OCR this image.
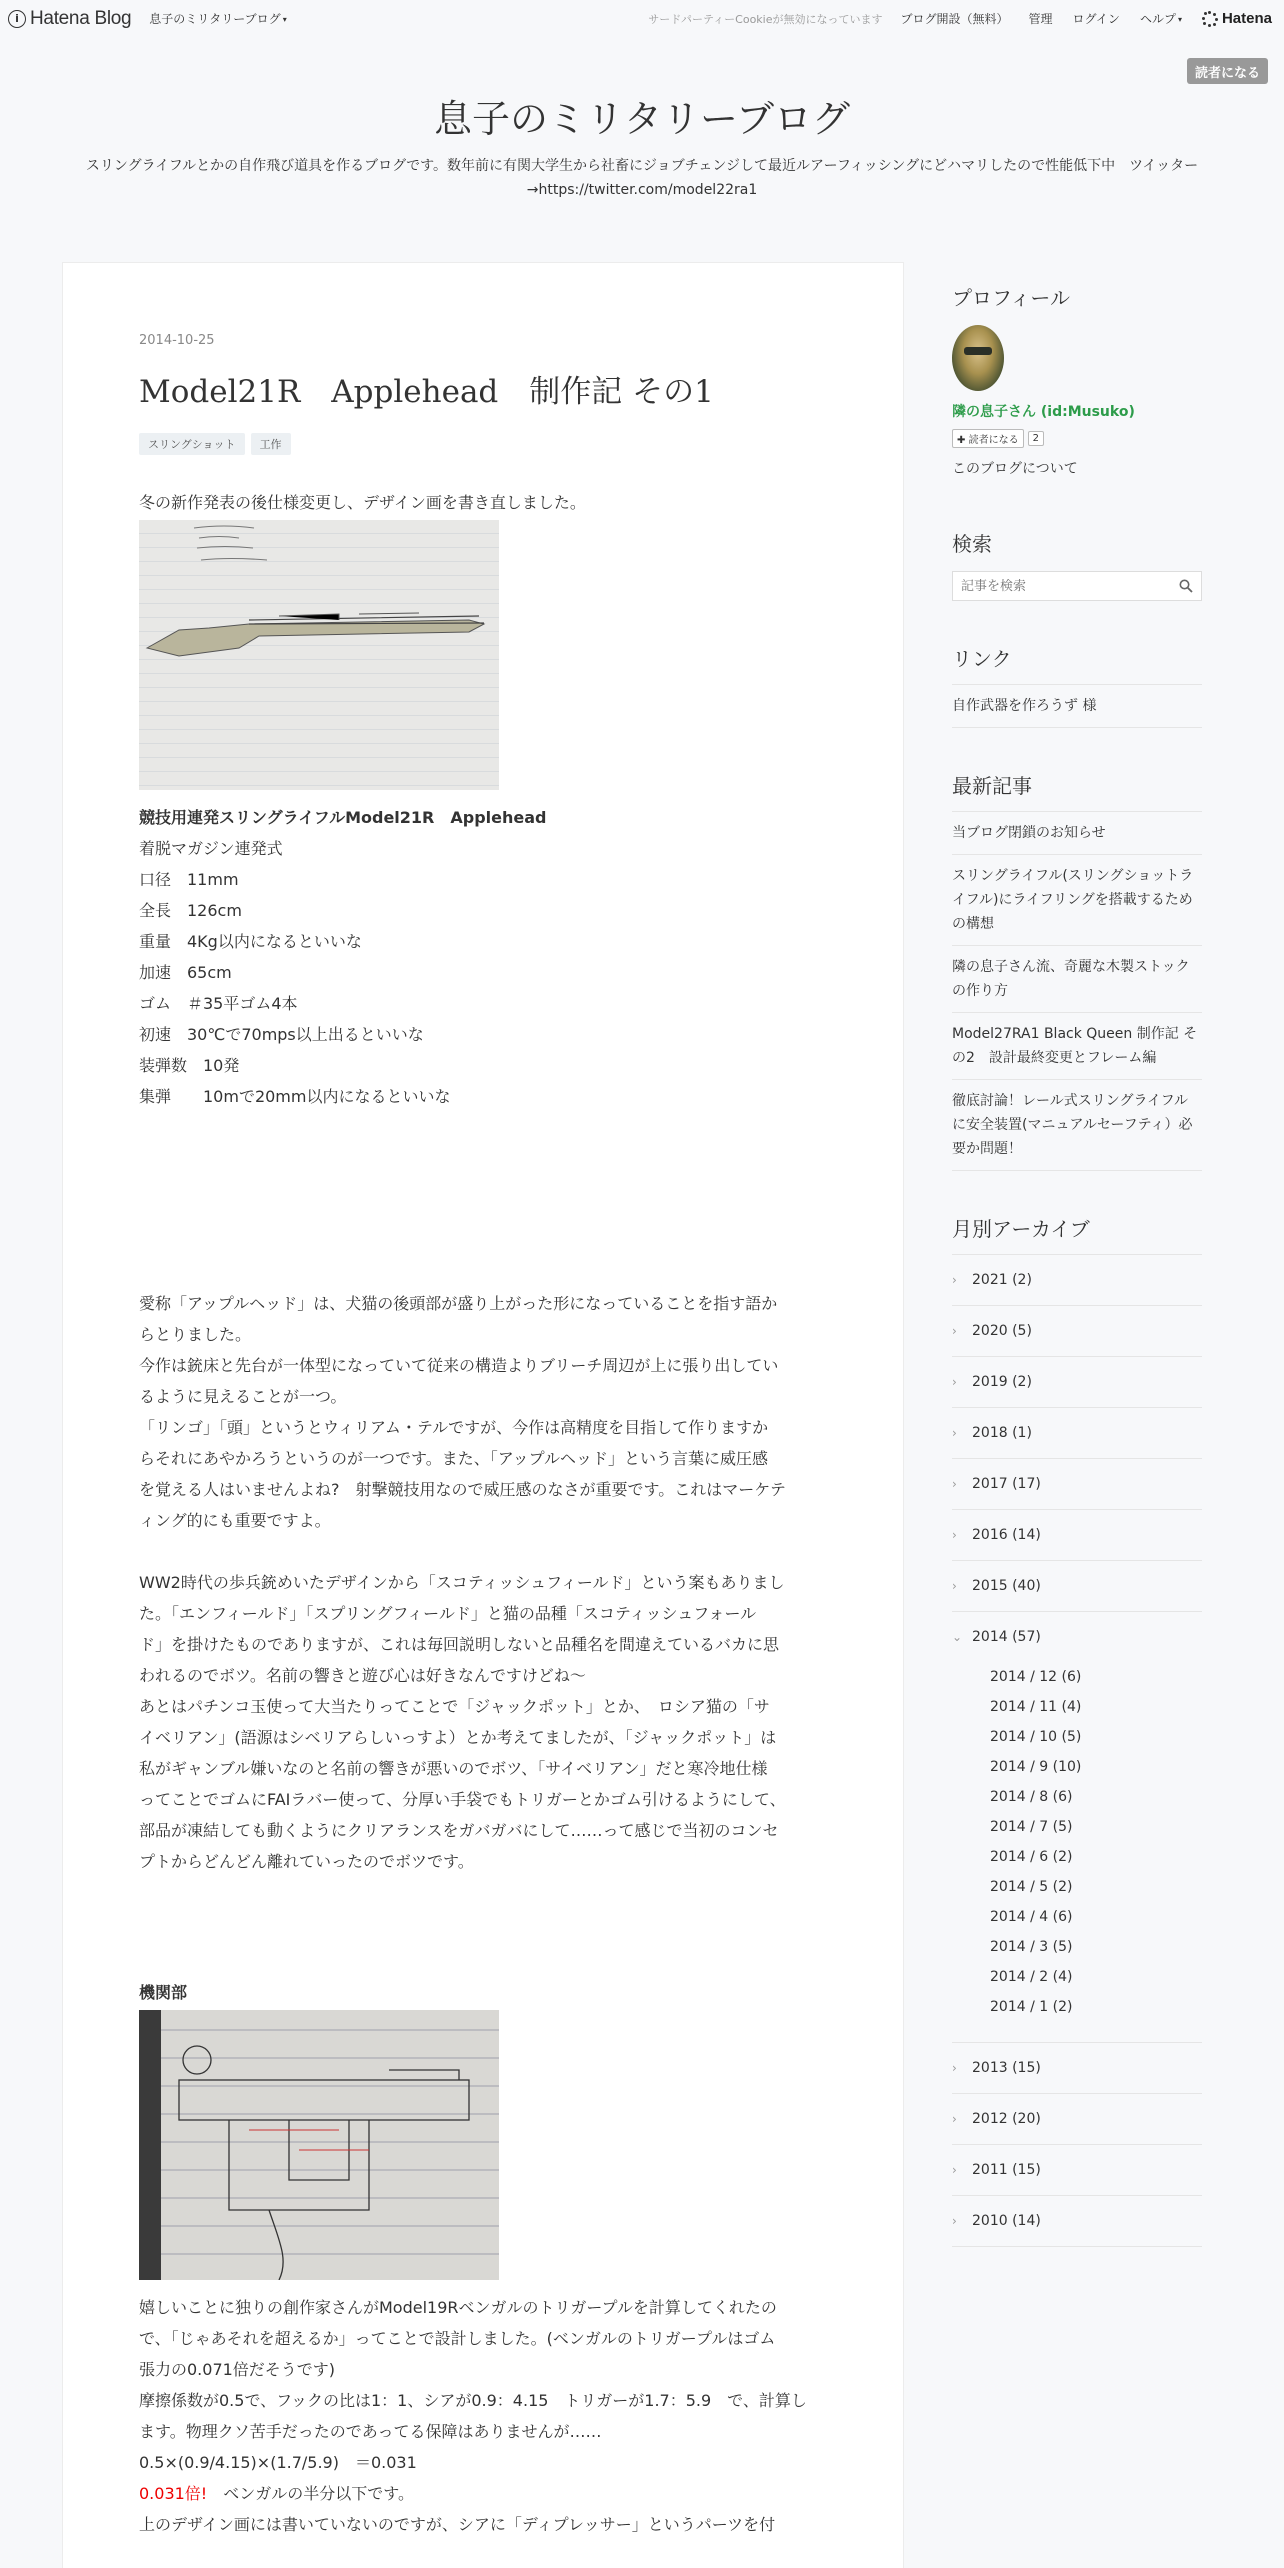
i Hatena Blog 息子のミリタリーブログ ▾	サードパーティーCookieが無効になっています ブログ開設（無料） 管理 ログイン ヘルプ ▾	Hatena
読者になる
息子のミリタリーブログ

スリングライフルとかの自作飛び道具を作るブログです。数年前に有関大学生から社畜にジョブチェンジして最近ルアーフィッシングにどハマリしたので性能低下中　ツイッター→https://twitter.com/model22ra1

2014-10-25
Model21R　Applehead　制作記 その1
スリングショット	工作

冬の新作発表の後仕様変更し、デザイン画を書き直しました。

競技用連発スリングライフルModel21R　Applehead

着脱マガジン連発式

口径　11mm

全長　126cm

重量　4Kg以内になるといいな

加速　65cm

ゴム　＃35平ゴム4本

初速　30℃で70mps以上出るといいな

装弾数　10発

集弾　　10mで20mm以内になるといいな

愛称「アップルヘッド」は、犬猫の後頭部が盛り上がった形になっていることを指す語か

らとりました。

今作は銃床と先台が一体型になっていて従来の構造よりブリーチ周辺が上に張り出してい

るように見えることが一つ。

「リンゴ」「頭」というとウィリアム・テルですが、今作は高精度を目指して作りますか

らそれにあやかろうというのが一つです。また、「アップルヘッド」という言葉に威圧感

を覚える人はいませんよね?　射撃競技用なので威圧感のなさが重要です。これはマーケテ

ィング的にも重要ですよ。

WW2時代の歩兵銃めいたデザインから「スコティッシュフィールド」という案もありまし

た。「エンフィールド」「スプリングフィールド」と猫の品種「スコティッシュフォール

ド」を掛けたものでありますが、これは毎回説明しないと品種名を間違えているバカに思

われるのでボツ。名前の響きと遊び心は好きなんですけどね〜

あとはパチンコ玉使って大当たりってことで「ジャックポット」とか、　ロシア猫の「サ

イベリアン」(語源はシベリアらしいっすよ）とか考えてましたが、「ジャックポット」は

私がギャンブル嫌いなのと名前の響きが悪いのでボツ、「サイベリアン」だと寒冷地仕様

ってことでゴムにFAIラバー使って、分厚い手袋でもトリガーとかゴム引けるようにして、

部品が凍結しても動くようにクリアランスをガバガバにして……って感じで当初のコンセ

プトからどんどん離れていったのでボツです。

機関部

嬉しいことに独りの創作家さんがModel19Rベンガルのトリガープルを計算してくれたの

で、「じゃあそれを超えるか」ってことで設計しました。(ベンガルのトリガープルはゴム

張力の0.071倍だそうです)

摩擦係数が0.5で、フックの比は1：1、シアが0.9：4.15　トリガーが1.7：5.9　で、計算し

ます。物理クソ苦手だったのであってる保障はありませんが……

0.5×(0.9/4.15)×(1.7/5.9)　＝0.031

0.031倍!　ベンガルの半分以下です。

上のデザイン画には書いていないのですが、シアに「ディプレッサー」というパーツを付

プロフィール
隣の息子さん (id:Musuko)
✚ 読者になる	2
このブログについて
検索
記事を検索
リンク
自作武器を作ろうず 様
最新記事
当ブログ閉鎖のお知らせ
スリングライフル(スリングショットライフル)にライフリングを搭載するための構想
隣の息子さん流、奇麗な木製ストックの作り方
Model27RA1 Black Queen 制作記 その2　設計最終変更とフレーム編
徹底討論！レール式スリングライフルに安全装置(マニュアルセーフティ）必要か問題！
月別アーカイブ
›	2021 (2)
›	2020 (5)
›	2019 (2)
›	2018 (1)
›	2017 (17)
›	2016 (14)
›	2015 (40)
⌄ 2014 (57)
2014 / 12 (6)
2014 / 11 (4)
2014 / 10 (5)
2014 / 9 (10)
2014 / 8 (6)
2014 / 7 (5)
2014 / 6 (2)
2014 / 5 (2)
2014 / 4 (6)
2014 / 3 (5)
2014 / 2 (4)
2014 / 1 (2)
›	2013 (15)
›	2012 (20)
›	2011 (15)
›	2010 (14)
